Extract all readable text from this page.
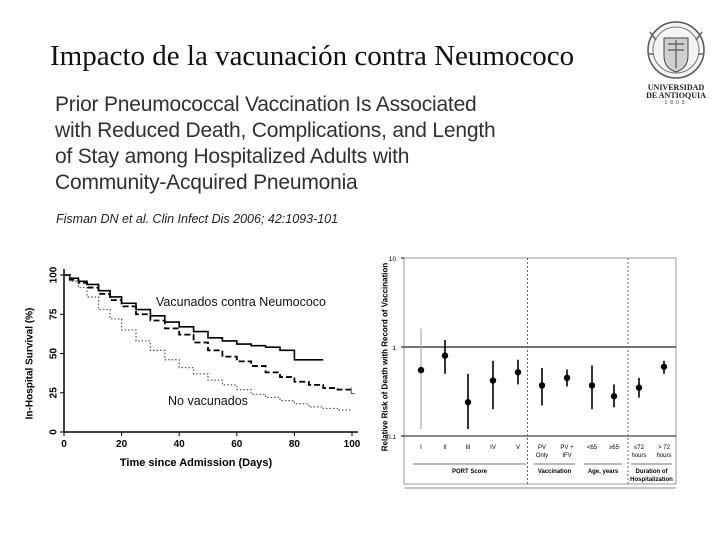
Impacto de la vacunación contra Neumococo
UNIVERSIDAD
DE ANTIOQUIA
1803
Prior Pneumococcal Vaccination Is Associated
with Reduced Death, Complications, and Length
of Stay among Hospitalized Adults with
Community-Acquired Pneumonia
Fisman DN et al. Clin Infect Dis 2006; 42:1093-101
0	20	40	60	80	100
0
25
50
75
100
Time since Admission (Days)
In-Hospital Survival (%)
Vacunados contra Neumococo
No vacunados
L
0.1
1
10
Relative Risk of Death with Record of Vaccination	I	II	III	IV	V	PV
Only
PV +
IFV
<65 ≥65	≤72
hours
> 72
hours
PORT Score	Vaccination	Age, years	Duration of
Hospitalization
